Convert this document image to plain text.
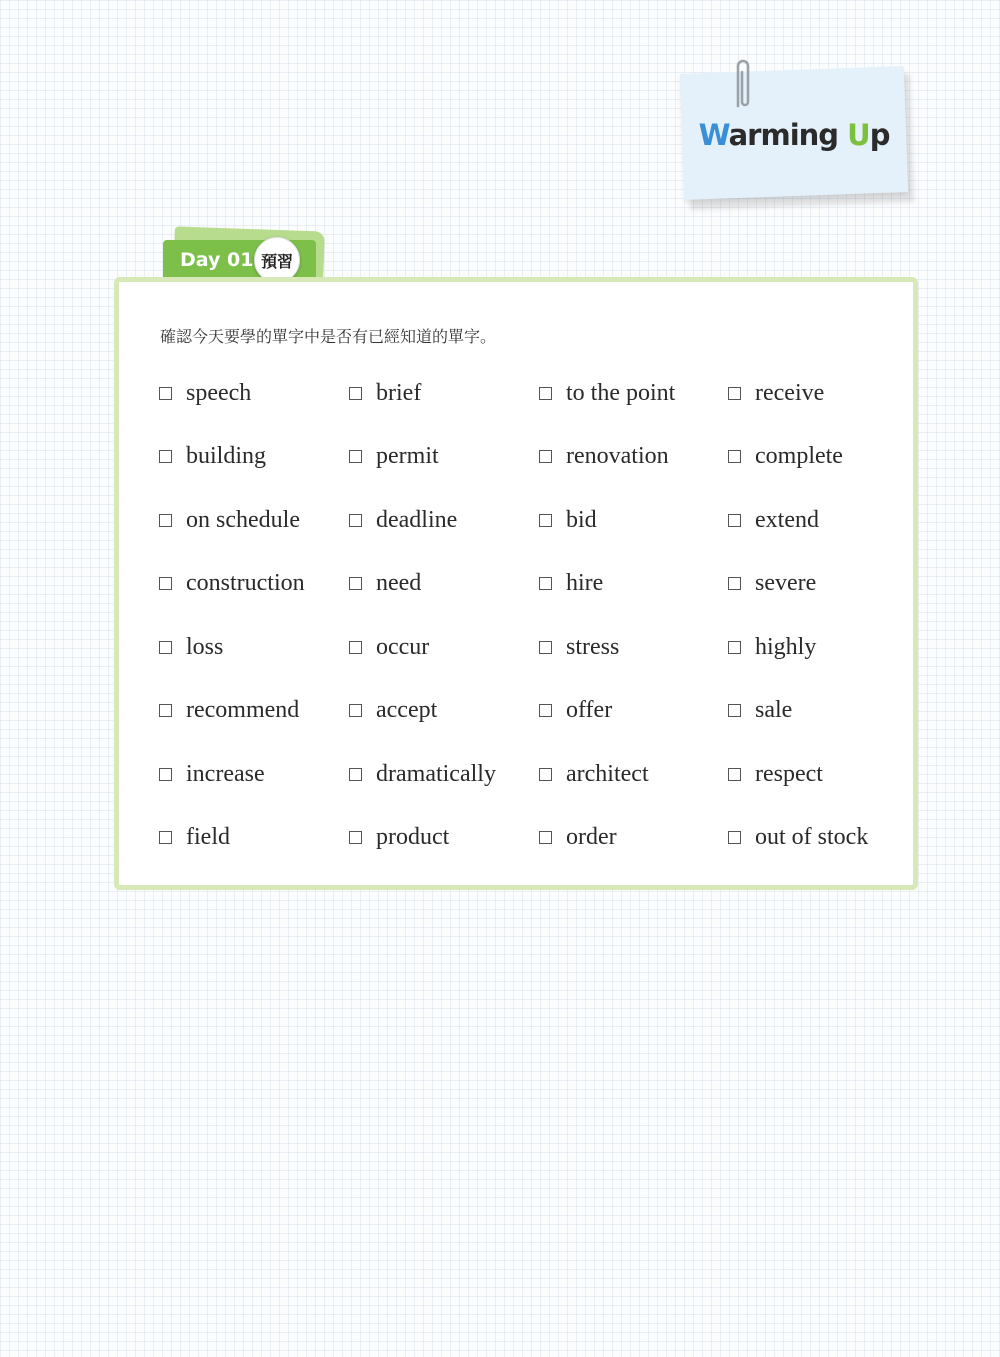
Warming Up
Day 01 預習
確認今天要學的單字中是否有已經知道的單字。
speech	brief	to the point	receive
building	permit	renovation	complete
on schedule	deadline	bid	extend
construction	need	hire	severe
loss	occur	stress	highly
recommend	accept	offer	sale
increase	dramatically	architect	respect
field	product	order	out of stock
